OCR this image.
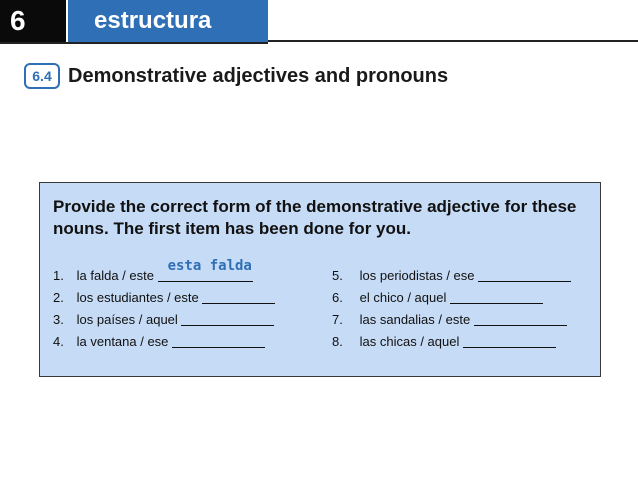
6	estructura
6.4 Demonstrative adjectives and pronouns
Provide the correct form of the demonstrative adjective for these nouns. The first item has been done for you.
1. la falda / este
esta falda
2. los estudiantes / este
3. los países / aquel
4. la ventana / ese
5. los periodistas / ese
6. el chico / aquel
7. las sandalias / este
8. las chicas / aquel
